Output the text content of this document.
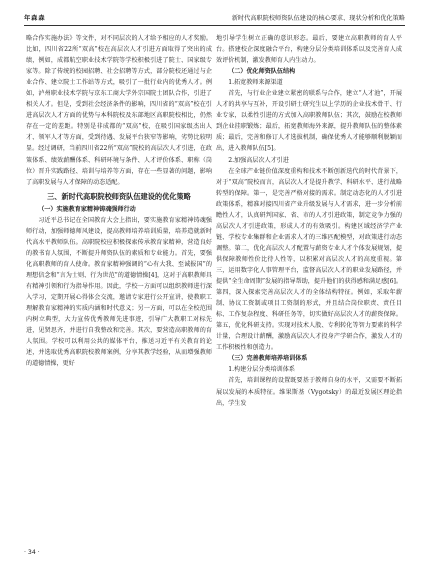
年森森	新时代高职院校师资队伍建设的核心要求、现状分析和优化策略

略合作实施办法》等文件，对不同层次的人才给予相应的人才奖励。比如，四川省22所“双高”校在高层次人才引进方面取得了突出的成绩，例如，成都航空职业技术学院等学校积极引进了院士、国家级专家等。除了传统的校园招聘、社会招聘等方式，部分院校还通过与企业合作、建立院士工作站等方式，吸引了一批行业内的优秀人才。例如，泸州职业技术学院与京东工商大学外宗国院士团队合作，引进了相关人才。但是，受到社会经济条件的影响，四川省的“双高”校在引进高层次人才方面的优势与本科院校及东部地区高职院校相比，仍然存在一定的差距。特别是非成都的“双高”校，在吸引国家级杰出人才、领军人才等方面，受到待遇、发展平台狭窄等影响，劣势比较明显。经过调研，当前四川省22所“双高”院校的高层次人才引进，在政策体系、绩效薪酬体系、科研环境与条件、人才评价体系、职称（岗位）晋升实践路径、培训与培养等方面，存在一些显著的问题，影响了高职发展与人才保障的动态适配。

三、新时代高职院校师资队伍建设的优化策略

（一）实施教育家精神铸魂强师行动

习近平总书记在全国教育大会上指出，要实施教育家精神铸魂强师行动，加强师德师风建设，提高教师培养培训质量，培养造就新时代高水平教师队伍。高职院校应积极探索传承教育家精神，营造良好的教书育人氛围，不断提升师资队伍的素质和专业能力。首先，要强化高职教师的育人使命。教育家精神强调的“心有大我、至诚报国”的理想信念和“言为士则、行为世范”的道德情操[4]，这对于高职教师具有精神引领和行为指导作用。因此，学校一方面可以组织教师进行深入学习，定期开展心得体会交流，邀请专家进行公开宣讲，使教职工理解教育家精神的实质内涵和时代意义；另一方面，可以在全校范围内树立典型，大力宣传优秀教师先进事迹，引导广大教职工对标先进，见贤思齐，并进行自我整改和完善。其次，要营造高职教师的育人氛围。学校可以利用公共的媒体平台，推送习近平有关教育的论述，并选取优秀高职院校教师案例，分享其教学经验，从而增强教师的道德情操，更好

地引导学生树立正确的意识形态。最后，要建立高职教师的育人平台。搭建校企深度融合平台，构建分层分类培训体系以及完善育人成效评价机制，激发教师育人内生动力。

（二）优化师资队伍结构

1.拓宽教师来源渠道

首先，与行业企业建立紧密的联系与合作，建立“人才池”，开展人才的共享与互补，开设引研士研究生以上学历的企业技术骨干、行业专家，以柔性引进的方式加入高职教师队伍；其次，鼓励在校教师到企业挂职锻炼；最后，拓宽教师海外来源，提升教师队伍的整体素质；最后，完善和修订人才选拔机制，确保优秀人才能够顺利脱颖而出，进入教师队伍[5]。

2.加强高层次人才引进

在全球产业链价值深度重构和技术不断创新迭代的时代背景下，对于“双高”院校而言，高层次人才是提升教学、科研水平、进行战略转型的保障。第一，是完善严格对接的需求。制定动态化的人才引进政策体系，精准对接四川省产业升级发展与人才需求，进一步分析前瞻性人才，认真研判国家、省、市的人才引进政策，制定竞争力强的高层次人才引进政策，形成人才的有效吸引。构建区域经济学产业链、学校专业集群和企业需求人才的三维匹配模型，对政策进行动态调整。第二，优化高层次人才配置与薪资专业人才个体发展规划，提供保障教师性价比待人性等，以积累对高层次人才的高度重视。第三，运用数字化人事管理平台，监督高层次人才的职业发展路径，并提供“全生命周期”发展的指导帮助，提升他们的获得感和满足感[6]。第四，深入探索完善高层次人才的全体结构特征。例如，采取年薪制、协议工资制或项目工资制的形式，并且结合岗位职责、责任目标、工作复杂程度、科研任务等，切实做好高层次人才的薪资保障。第五，优化科研支持。实现对技术人股、专利转化等智力要素的科学计量，合理设计薪酬，激励高层次人才投身产学研合作，激发人才的工作积极性和创造力。

（三）完善教师培养培训体系

1.构建分层分类培训体系

首先，培训课程的设置既要基于教师自身的水平，又需要不断拓展以发展的本质特征。维果斯基（Vygotsky）的最近发展区理论指出，学生发

· 34 ·
